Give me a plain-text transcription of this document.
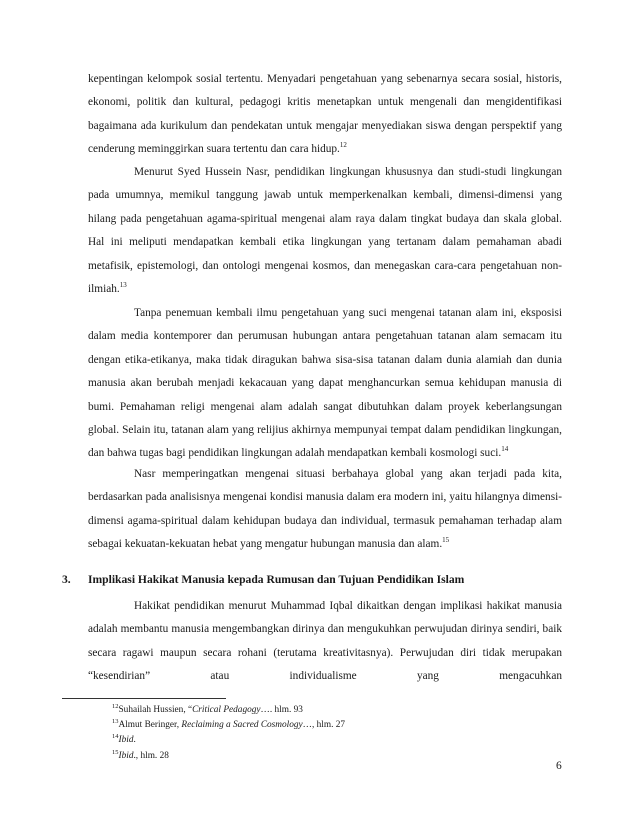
kepentingan kelompok sosial tertentu. Menyadari pengetahuan yang sebenarnya secara sosial, historis, ekonomi, politik dan kultural, pedagogi kritis menetapkan untuk mengenali dan mengidentifikasi bagaimana ada kurikulum dan pendekatan untuk mengajar menyediakan siswa dengan perspektif yang cenderung meminggirkan suara tertentu dan cara hidup.$^{12}$

Menurut Syed Hussein Nasr, pendidikan lingkungan khususnya dan studi-studi lingkungan pada umumnya, memikul tanggung jawab untuk memperkenalkan kembali, dimensi-dimensi yang hilang pada pengetahuan agama-spiritual mengenai alam raya dalam tingkat budaya dan skala global. Hal ini meliputi mendapatkan kembali etika lingkungan yang tertanam dalam pemahaman abadi metafisik, epistemologi, dan ontologi mengenai kosmos, dan menegaskan cara-cara pengetahuan non-ilmiah.$^{13}$

Tanpa penemuan kembali ilmu pengetahuan yang suci mengenai tatanan alam ini, eksposisi dalam media kontemporer dan perumusan hubungan antara pengetahuan tatanan alam semacam itu dengan etika-etikanya, maka tidak diragukan bahwa sisa-sisa tatanan dalam dunia alamiah dan dunia manusia akan berubah menjadi kekacauan yang dapat menghancurkan semua kehidupan manusia di bumi. Pemahaman religi mengenai alam adalah sangat dibutuhkan dalam proyek keberlangsungan global. Selain itu, tatanan alam yang relijius akhirnya mempunyai tempat dalam pendidikan lingkungan, dan bahwa tugas bagi pendidikan lingkungan adalah mendapatkan kembali kosmologi suci.$^{14}$

Nasr memperingatkan mengenai situasi berbahaya global yang akan terjadi pada kita, berdasarkan pada analisisnya mengenai kondisi manusia dalam era modern ini, yaitu hilangnya dimensi-dimensi agama-spiritual dalam kehidupan budaya dan individual, termasuk pemahaman terhadap alam sebagai kekuatan-kekuatan hebat yang mengatur hubungan manusia dan alam.$^{15}$

3. Implikasi Hakikat Manusia kepada Rumusan dan Tujuan Pendidikan Islam

Hakikat pendidikan menurut Muhammad Iqbal dikaitkan dengan implikasi hakikat manusia adalah membantu manusia mengembangkan dirinya dan mengukuhkan perwujudan dirinya sendiri, baik secara ragawi maupun secara rohani (terutama kreativitasnya). Perwujudan diri tidak merupakan “kesendirian” atau individualisme yang mengacuhkan

$^{12}$Suhailah Hussien, “Critical Pedagogy…. hlm. 93
$^{13}$Almut Beringer, Reclaiming a Sacred Cosmology…, hlm. 27
$^{14}$Ibid.
$^{15}$Ibid., hlm. 28
6
